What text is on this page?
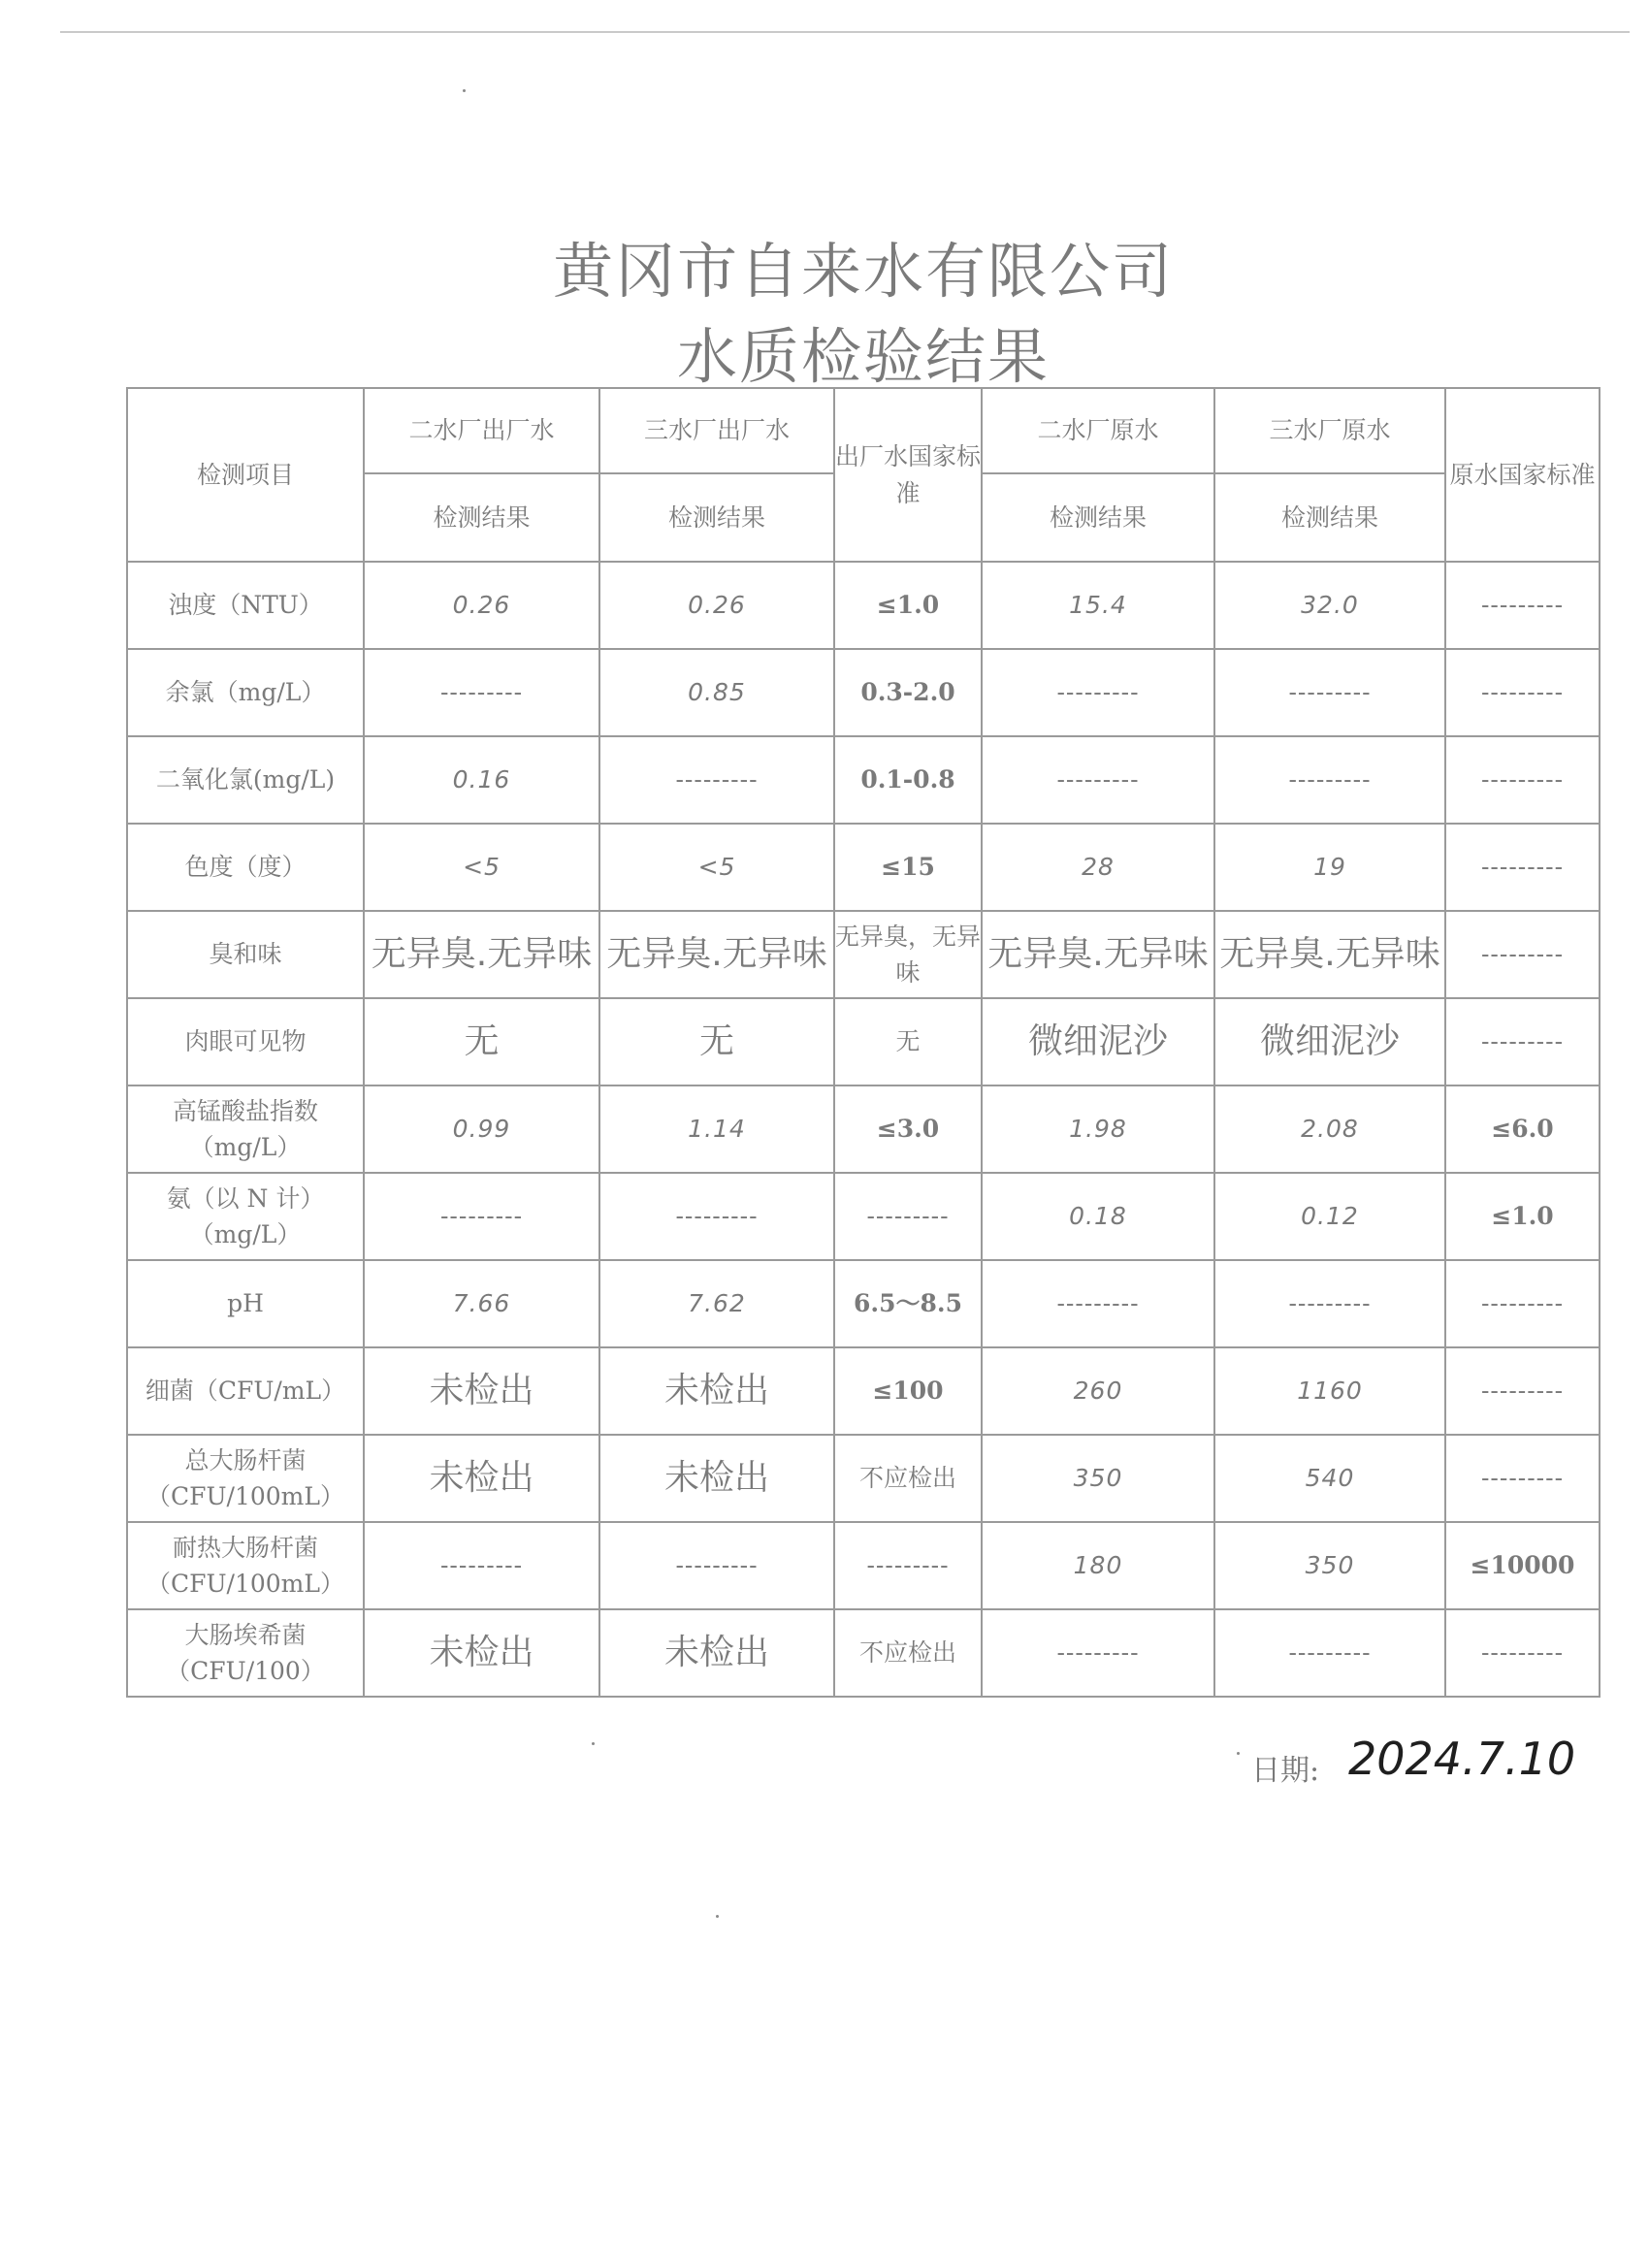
黄冈市自来水有限公司
水质检验结果
检测项目	二水厂出厂水	三水厂出厂水	出厂水国家标准	二水厂原水	三水厂原水	原水国家标准
	检测结果	检测结果		检测结果	检测结果	
浊度（NTU）	0.26	0.26	≤1.0	15.4	32.0	---------
余氯（mg/L）	---------	0.85	0.3-2.0	---------	---------	---------
二氧化氯(mg/L)	0.16	---------	0.1-0.8	---------	---------	---------
色度（度）	<5	<5	≤15	28	19	---------
臭和味	无异臭.无异味	无异臭.无异味	无异臭，无异味	无异臭.无异味	无异臭.无异味	---------
肉眼可见物	无	无	无	微细泥沙	微细泥沙	---------
高锰酸盐指数（mg/L）	0.99	1.14	≤3.0	1.98	2.08	≤6.0
氨（以 N 计）（mg/L）	---------	---------	---------	0.18	0.12	≤1.0
pH	7.66	7.62	6.5～8.5	---------	---------	---------
细菌（CFU/mL）	未检出	未检出	≤100	260	1160	---------
总大肠杆菌（CFU/100mL）	未检出	未检出	不应检出	350	540	---------
耐热大肠杆菌（CFU/100mL）	---------	---------	---------	180	350	≤10000
大肠埃希菌（CFU/100）	未检出	未检出	不应检出	---------	---------	---------
日期: 2024.7.10
